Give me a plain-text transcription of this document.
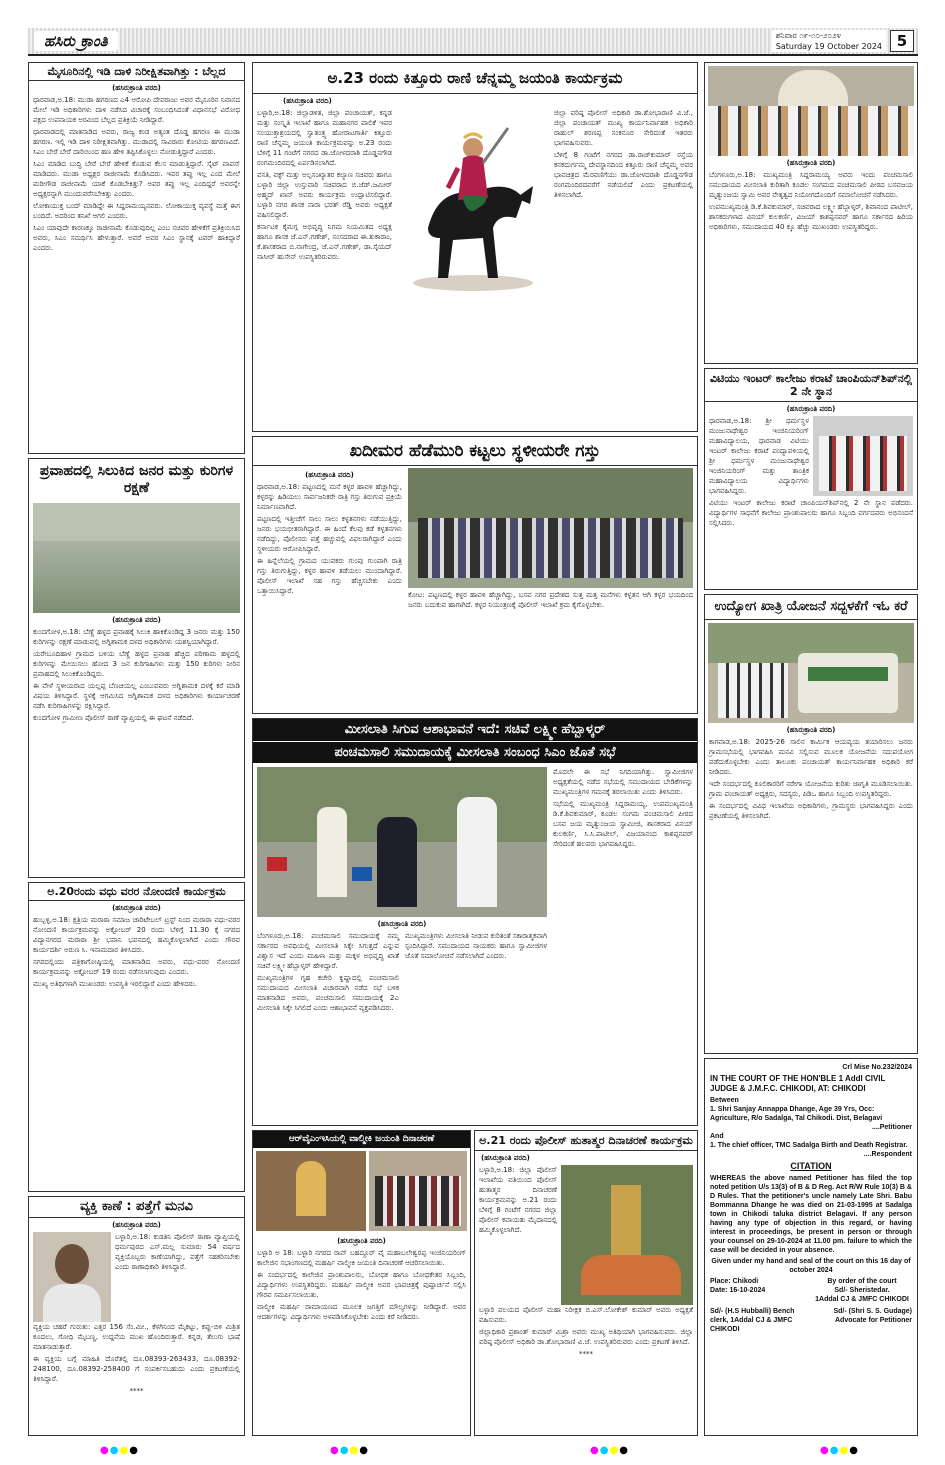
ಹಸಿರು ಕ್ರಾಂತಿ	ಶನಿವಾರ ೧೯-೧೦-೨೦೨೪
Saturday 19 October 2024 5
ಮೈಸೂರಿನಲ್ಲಿ ಇಡಿ ದಾಳಿ ನಿರೀಕ್ಷಿತವಾಗಿತ್ತು : ಬೆಲ್ಲದ
(ಹಸಿರುಕ್ರಾಂತಿ ವರದಿ)

ಧಾರವಾಡ,ಅ.18: ಮುಡಾ ಹಗರಣದ ಎ4 ಆರೋಪಿ ದೇವರಾಜು ಅವರ ಮೈಸೂರಿನ ನಿವಾಸದ ಮೇಲೆ ಇಡಿ ಅಧಿಕಾರಿಗಳು ದಾಳಿ ನಡೆಸಿದ ವಿಚಾರಕ್ಕೆ ಸಂಬಂಧಿಸಿದಂತೆ ವಿಧಾನಸಭೆ ವಿರೋಧ ಪಕ್ಷದ ಉಪನಾಯಕ ಅರವಿಂದ ಬೆಲ್ಲದ ಪ್ರತಿಕ್ರಿಯೆ ನೀಡಿದ್ದಾರೆ.

ಧಾರವಾಡದಲ್ಲಿ ಮಾತನಾಡಿದ ಅವರು, ರಾಜ್ಯ ಕಂಡ ಅತ್ಯಂತ ದೊಡ್ಡ ಹಗರಣ ಈ ಮುಡಾ ಹಗರಣ. ಇಲ್ಲಿ ಇಡಿ ದಾಳಿ ನಿರೀಕ್ಷಿತವಾಗಿತ್ತು. ಮುಡಾದಲ್ಲಿ ಸಾವಿರಾರು ಕೋಟಿಯ ಹಗರಣವಿದೆ. ಸಿಎಂ ಬೇರೆ ಬೇರೆ ದಾರಿಯಿಂದ ಹಣ ಹೇಳಿ ತಪ್ಪಿಸಿಕೊಳ್ಳಲು ನೋಡುತ್ತಿದ್ದಾರೆ ಎಂದರು.

ಸಿಎಂ ಮಾಡಿದ ಬುದ್ಧಿ ಬೇರೆ ಬೇರೆ ಹೇಳಿಕೆ ಕೊಡುವ ಕೆಲಸ ಮಾಡುತ್ತಿದ್ದಾರೆ. ಸೈಟ್ ವಾಪಸ್ ಮಾಡಿದರು. ಮುಡಾ ಅಧ್ಯಕ್ಷರ ರಾಜೀನಾಮೆ ಕೊಡಿಸಿದರು. ಇವರ ತಪ್ಪು ಇಲ್ಲ ಎಂದ ಮೇಲೆ ಮರೀಗೌಡ ರಾಜೀನಾಮೆ ಯಾಕೆ ಕೊಡಬೇಕಿತ್ತು? ಅವರ ತಪ್ಪು ಇಲ್ಲ ಎಂದಿದ್ದರೆ ಅವರನ್ನೇ ಅಧ್ಯಕ್ಷರನ್ನಾಗಿ ಮುಂದುವರೆಸಬೇಕಿತ್ತು ಎಂದರು.

ಲೋಕಾಯುಕ್ತ ಬಂದ್ ಮಾಡಿದ್ದೇ ಈ ಸಿದ್ದರಾಮಯ್ಯನವರು. ಲೋಕಾಯುಕ್ತ ವ್ಯವಸ್ಥೆ ಮತ್ತೆ ಈಗ ಬಂದಿದೆ. ಅದರಿಂದ ತನಿಖೆ ಆಗಲಿ ಎಂದರು.

ಸಿಎಂ ಯಾವುದೇ ಕಾರಣಕ್ಕೂ ರಾಜೀನಾಮೆ ಕೊಡುವುದಿಲ್ಲ ಎಂಬ ಸಚಿವರ ಹೇಳಿಕೆಗೆ ಪ್ರತಿಕ್ರಿಯಿಸಿದ ಅವರು, ಸಿಎಂ ಸಮರ್ಥಿಸಿ ಹೇಳುತ್ತಾರೆ. ಅವರೆ ಅವರ ಸಿಎಂ ಸ್ಥಾನಕ್ಕೆ ಟವರ್ ಹಾಕಿದ್ದಾರೆ ಎಂದರು.

ಪ್ರವಾಹದಲ್ಲಿ ಸಿಲುಕಿದ ಜನರ ಮತ್ತು ಕುರಿಗಳ ರಕ್ಷಣೆ
(ಹಸಿರುಕ್ರಾಂತಿ ವರದಿ)

ಕುಂದಗೋಳ,ಅ.18: ಬೆಣ್ಣೆ ಹಳ್ಳದ ಪ್ರವಾಹಕ್ಕೆ ಸಿಲುಕಿ ಹಾಕಿಕೊಂಡಿದ್ದ 3 ಜನರು ಮತ್ತು 150 ಕುರಿಗಳನ್ನು ರಕ್ಷಣೆ ಮಾಡುವಲ್ಲಿ ಅಗ್ನಿಶಾಮಕ ದಳದ ಅಧಿಕಾರಿಗಳು ಯಶಸ್ವಿಯಾಗಿದ್ದಾರೆ.

ಯರೇಬೂದಿಹಾಳ ಗ್ರಾಮದ ಬಳಿಯ ಬೆಣ್ಣೆ ಹಳ್ಳದ ಪ್ರವಾಹ ಹೆಚ್ಚಿದ ಪರಿಣಾಮ ಹಳ್ಳದಲ್ಲಿ ಕುರಿಗಳನ್ನು ಮೇಯಿಸಲು ಹೋದ 3 ಜನ ಕುರಿಗಾಹಿಗಳು ಮತ್ತು 150 ಕುರಿಗಳು ನೀರಿನ ಪ್ರವಾಹದಲ್ಲಿ ಸಿಲುಕಿಕೊಂಡಿದ್ದರು.

ಈ ವೇಳೆ ಸ್ಥಳೀಯರಾದ ಯಲ್ಲಪ್ಪ ಬೆಣಚಿಯಲ್ಲ ಎಂಬುವವರು ಅಗ್ನಿಶಾಮಕ ದಳಕ್ಕೆ ಕರೆ ಮಾಡಿ ವಿಷಯ ತಿಳಿಸಿದ್ದಾರೆ. ಸ್ಥಳಕ್ಕೆ ಆಗಮಿಸಿದ ಅಗ್ನಿಶಾಮಕ ದಳದ ಅಧಿಕಾರಿಗಳು ಕಾರ್ಯಾಚರಣೆ ನಡೆಸಿ ಕುರಿಗಾಹಿಗಳನ್ನು ರಕ್ಷಿಸಿದ್ದಾರೆ.

ಕುಂದಗೋಳ ಗ್ರಾಮೀಣ ಪೊಲೀಸ್ ಠಾಣೆ ವ್ಯಾಪ್ತಿಯಲ್ಲಿ ಈ ಘಟನೆ ನಡೆದಿದೆ.

ಅ.20ರಂದು ವಧು ವರರ ನೋಂದಣಿ ಕಾರ್ಯಕ್ರಮ
(ಹಸಿರುಕ್ರಾಂತಿ ವರದಿ)

ಹುಬ್ಬಳ್ಳಿ,ಅ.18: ಕ್ಷತ್ರಿಯ ಮರಾಠಾ ಸಮಾಜ ಚಾರಿಟೇಬಲ್ ಟ್ರಸ್ಟ್ ನಿಂದ ಮರಾಠಾ ವಧು-ವರರ ನೋಂದಣಿ ಕಾರ್ಯಕ್ರಮವನ್ನು ಅಕ್ಟೋಬರ್ 20 ರಂದು ಬೆಳಿಗ್ಗೆ 11.30 ಕ್ಕೆ ನಗರದ ವಿದ್ಯಾನಗರದ ಮರಾಠಾ ಶ್ರೀ ಭವಾನಿ ಭವನದಲ್ಲಿ ಹಮ್ಮಿಕೊಳ್ಳಲಾಗಿದೆ ಎಂದು ಗೌರವ ಕಾರ್ಯದರ್ಶಿ ಅರುಣ ಸಿ. ಇನಾಮದಾರ ತಿಳಿಸಿದರು.

ನಗರದಲ್ಲಿಂದು ಪತ್ರಿಕಾಗೋಷ್ಠಿಯಲ್ಲಿ ಮಾತನಾಡಿದ ಅವರು, ವಧು-ವರರ ನೋಂದಣಿ ಕಾರ್ಯಕ್ರಮವನ್ನು ಅಕ್ಟೋಬರ್ 19 ರಂದು ನಡೆಸಲಾಗುವುದು ಎಂದರು.

ಮುಖ್ಯ ಅತಿಥಿಗಳಾಗಿ ಮುಖಂಡರು ಉಪಸ್ಥಿತಿ ಇರಲಿದ್ದಾರೆ ಎಂದು ಹೇಳಿದರು.

ವ್ಯಕ್ತಿ ಕಾಣೆ : ಪತ್ತೆಗೆ ಮನವಿ
(ಹಸಿರುಕ್ರಾಂತಿ ವರದಿ)

ಬಳ್ಳಾರಿ,ಅ.18: ಕುಡತಿನಿ ಪೊಲೀಸ್ ಠಾಣಾ ವ್ಯಾಪ್ತಿಯಲ್ಲಿ ಧರ್ಮಪುರದ ಎಸ್.ಮಲ್ಲ ಸುಮಾರು 54 ವರ್ಷದ ವ್ಯಕ್ತಿಯೊಬ್ಬರು ಕಾಣೆಯಾಗಿದ್ದು, ಪತ್ತೆಗೆ ಸಹಕರಿಸಬೇಕು ಎಂದು ಠಾಣಾಧಿಕಾರಿ ತಿಳಿಸಿದ್ದಾರೆ.

ವ್ಯಕ್ತಿಯ ಚಹರೆ ಗುರುತು: ಎತ್ತರ 156 ಸೆಂ.ಮೀ., ಕೆಳಗಿನಿಂದ ಮೈಕಟ್ಟು, ಕಪ್ಪು-ಬಿಳಿ ಮಿಶ್ರಿತ ಕೂದಲು, ಗೋಧಿ ಮೈಬಣ್ಣ, ಉದ್ದನೆಯ ಮುಖ ಹೊಂದಿರುತ್ತಾರೆ. ಕನ್ನಡ, ತೆಲುಗು ಭಾಷೆ ಮಾತನಾಡುತ್ತಾರೆ.

ಈ ವ್ಯಕ್ತಿಯ ಬಗ್ಗೆ ಮಾಹಿತಿ ದೊರೆತಲ್ಲಿ ದೂ.08393-263433, ದೂ.08392-248100, ದೂ.08392-258400 ಗೆ ಸಂಪರ್ಕಿಸಬಹುದು ಎಂದು ಪ್ರಕಟಣೆಯಲ್ಲಿ ತಿಳಿಸಿದ್ದಾರೆ.

****

ಅ.23 ರಂದು ಕಿತ್ತೂರು ರಾಣಿ ಚೆನ್ನಮ್ಮ ಜಯಂತಿ ಕಾರ್ಯಕ್ರಮ
(ಹಸಿರುಕ್ರಾಂತಿ ವರದಿ)

ಬಳ್ಳಾರಿ,ಅ.18: ಜಿಲ್ಲಾಡಳಿತ, ಜಿಲ್ಲಾ ಪಂಚಾಯತ್, ಕನ್ನಡ ಮತ್ತು ಸಂಸ್ಕೃತಿ ಇಲಾಖೆ ಹಾಗೂ ಮಹಾನಗರ ಪಾಲಿಕೆ ಇವರ ಸಂಯುಕ್ತಾಶ್ರಯದಲ್ಲಿ ಸ್ವಾತಂತ್ರ್ಯ ಹೋರಾಟಗಾರ್ತಿ ಕಿತ್ತೂರು ರಾಣಿ ಚೆನ್ನಮ್ಮ ಜಯಂತಿ ಕಾರ್ಯಕ್ರಮವನ್ನು ಅ.23 ರಂದು ಬೆಳಿಗ್ಗೆ 11 ಗಂಟೆಗೆ ನಗರದ ಡಾ.ಜೋಳದರಾಶಿ ದೊಡ್ಡನಗೌಡ ರಂಗಮಂದಿರದಲ್ಲಿ ಏರ್ಪಡಿಸಲಾಗಿದೆ.

ವಸತಿ, ವಕ್ಫ್ ಮತ್ತು ಅಲ್ಪಸಂಖ್ಯಾತರ ಕಲ್ಯಾಣ ಸಚಿವರು ಹಾಗೂ ಬಳ್ಳಾರಿ ಜಿಲ್ಲಾ ಉಸ್ತುವಾರಿ ಸಚಿವರಾದ ಬಿ.ಜೆಡ್.ಜಮೀರ್ ಅಹ್ಮದ್ ಖಾನ್ ಅವರು ಕಾರ್ಯಕ್ರಮ ಉದ್ಘಾಟಿಸಲಿದ್ದಾರೆ. ಬಳ್ಳಾರಿ ನಗರ ಶಾಸಕ ನಾರಾ ಭರತ್ ರೆಡ್ಡಿ ಅವರು ಅಧ್ಯಕ್ಷತೆ ವಹಿಸಲಿದ್ದಾರೆ.

ಕರ್ನಾಟಕ ಕೈಮಗ್ಗ ಅಭಿವೃದ್ಧಿ ನಿಗಮ ನಿಯಮಿತದ ಅಧ್ಯಕ್ಷ ಹಾಗೂ ಶಾಸಕ ಜೆ.ಎನ್.ಗಣೇಶ್, ಸಂಸದರಾದ ಈ.ತುಕಾರಾಂ, ಕೆ.ಶಾಸಕರಾದ ಬಿ.ನಾಗೇಂದ್ರ, ಜೆ.ಎನ್.ಗಣೇಶ್, ಡಾ.ಸೈಯದ್ ನಾಸೀರ್ ಹುಸೇನ್ ಉಪಸ್ಥಿತರಿರುವರು.

ಜಿಲ್ಲಾ ವರಿಷ್ಠ ಪೊಲೀಸ್ ಅಧಿಕಾರಿ ಡಾ.ಶೋಭಾರಾಣಿ ವಿ.ಜೆ., ಜಿಲ್ಲಾ ಪಂಚಾಯತ್ ಮುಖ್ಯ ಕಾರ್ಯನಿರ್ವಾಹಕ ಅಧಿಕಾರಿ ರಾಹುಲ್ ಶರಣಪ್ಪ ಸಂಕನೂರ ಸೇರಿದಂತೆ ಇತರರು ಭಾಗವಹಿಸುವರು.

ಬೆಳಿಗ್ಗೆ 8 ಗಂಟೆಗೆ ನಗರದ ಡಾ.ರಾಜ್‍ಕುಮಾರ್ ರಸ್ತೆಯ ಕನಕದುರ್ಗಮ್ಮ ದೇವಸ್ಥಾನದಿಂದ ಕಿತ್ತೂರು ರಾಣಿ ಚೆನ್ನಮ್ಮ ಅವರ ಭಾವಚಿತ್ರದ ಮೆರವಣಿಗೆಯು ಡಾ.ಜೋಳದರಾಶಿ ದೊಡ್ಡನಗೌಡ ರಂಗಮಂದಿರದವರೆಗೆ ನಡೆಯಲಿದೆ ಎಂದು ಪ್ರಕಟಣೆಯಲ್ಲಿ ತಿಳಿಸಲಾಗಿದೆ.

ಖದೀಮರ ಹೆಡೆಮುರಿ ಕಟ್ಟಲು ಸ್ಥಳೀಯರೇ ಗಸ್ತು
(ಹಸಿರುಕ್ರಾಂತಿ ವರದಿ)

ಧಾರವಾಡ,ಅ.18: ಪಟ್ಟಣದಲ್ಲಿ ಮನೆ ಕಳ್ಳರ ಹಾವಳಿ ಹೆಚ್ಚಾಗಿದ್ದು, ಕಳ್ಳರನ್ನು ಹಿಡಿಯಲು ಸಾರ್ವಜನಿಕರೇ ರಾತ್ರಿ ಗಸ್ತು ತಿರುಗುವ ಪ್ರಕ್ರಿಯೆ ನಿರ್ಮಾಣವಾಗಿದೆ.

ಪಟ್ಟಣದಲ್ಲಿ ಇತ್ತೀಚೆಗೆ ಸಾಲು ಸಾಲು ಕಳ್ಳತನಗಳು ನಡೆಯುತ್ತಿದ್ದು, ಜನರು ಭಯಭೀತರಾಗಿದ್ದಾರೆ. ಈ ಹಿಂದೆ ಕೆಲವು ಕಡೆ ಕಳ್ಳತನಗಳು ನಡೆದಿದ್ದು, ಪೊಲೀಸರು ಪತ್ತೆ ಹಚ್ಚುವಲ್ಲಿ ವಿಫಲರಾಗಿದ್ದಾರೆ ಎಂದು ಸ್ಥಳೀಯರು ಆರೋಪಿಸಿದ್ದಾರೆ.

ಈ ಹಿನ್ನೆಲೆಯಲ್ಲಿ ಗ್ರಾಮದ ಯುವಕರು ಗುಂಪು ಗುಂಪಾಗಿ ರಾತ್ರಿ ಗಸ್ತು ತಿರುಗುತ್ತಿದ್ದು, ಕಳ್ಳರ ಹಾವಳಿ ತಡೆಯಲು ಮುಂದಾಗಿದ್ದಾರೆ. ಪೊಲೀಸ್ ಇಲಾಖೆ ಸಹ ಗಸ್ತು ಹೆಚ್ಚಿಸಬೇಕು ಎಂದು ಒತ್ತಾಯಿಸಿದ್ದಾರೆ.	ಕೋಟ: ಪಟ್ಟಣದಲ್ಲಿ ಕಳ್ಳರ ಹಾವಳಿ ಹೆಚ್ಚಾಗಿದ್ದು, ಬಸವ ನಗರ ಪ್ರದೇಶದ ಸುತ್ತ ಮತ್ತ ಮನೆಗಳು ಕಳ್ಳತನ ಆಗಿ ಕಳ್ಳರ ಭಯದಿಂದ ಜನರು ಬದುಕುವ ಹಾಗಾಗಿದೆ. ಕಳ್ಳರ ನಿಯಂತ್ರಣಕ್ಕೆ ಪೊಲೀಸ್ ಇಲಾಖೆ ಕ್ರಮ ಕೈಗೊಳ್ಳಬೇಕು.

ಮೀಸಲಾತಿ ಸಿಗುವ ಆಶಾಭಾವನೆ ಇದೆ: ಸಚಿವೆ ಲಕ್ಷ್ಮೀ ಹೆಬ್ಬಾಳ್ಕರ್
ಪಂಚಮಸಾಲಿ ಸಮುದಾಯಕ್ಕೆ ಮೀಸಲಾತಿ ಸಂಬಂಧ ಸಿಎಂ ಜೊತೆ ಸಭೆ
(ಹಸಿರುಕ್ರಾಂತಿ ವರದಿ)

ಬೆಂಗಳೂರು,ಅ.18: ಪಂಚಮಸಾಲಿ ಸಮುದಾಯಕ್ಕೆ ನಮ್ಮ ಸರ್ಕಾರದ ಅವಧಿಯಲ್ಲಿ ಮೀಸಲಾತಿ ಸಿಕ್ಕೇ ಸಿಗುತ್ತದೆ ಎನ್ನುವ ವಿಶ್ವಾಸ ಇದೆ ಎಂದು ಮಹಿಳಾ ಮತ್ತು ಮಕ್ಕಳ ಅಭಿವೃದ್ಧಿ ಖಾತೆ ಸಚಿವೆ ಲಕ್ಷ್ಮೀ ಹೆಬ್ಬಾಳ್ಕರ್ ಹೇಳಿದ್ದಾರೆ.

ಮುಖ್ಯಮಂತ್ರಿಗಳ ಗೃಹ ಕಚೇರಿ ಕೃಷ್ಣಾದಲ್ಲಿ ಪಂಚಮಸಾಲಿ ಸಮುದಾಯದ ಮೀಸಲಾತಿ ವಿಚಾರವಾಗಿ ನಡೆದ ಸಭೆ ಬಳಿಕ ಮಾತನಾಡಿದ ಅವರು, ಪಂಚಮಸಾಲಿ ಸಮುದಾಯಕ್ಕೆ 2ಎ ಮೀಸಲಾತಿ ಸಿಕ್ಕೇ ಸಿಗಲಿದೆ ಎಂದು ಆಶಾಭಾವನೆ ವ್ಯಕ್ತಪಡಿಸಿದರು.

ಮುಖ್ಯಮಂತ್ರಿಗಳು ಮೀಸಲಾತಿ ನೀಡುವ ಕುರಿತಂತೆ ಸಕಾರಾತ್ಮಕವಾಗಿ ಸ್ಪಂದಿಸಿದ್ದಾರೆ. ಸಮುದಾಯದ ನಾಯಕರು ಹಾಗೂ ಸ್ವಾಮೀಜಿಗಳ ಜೊತೆ ಸಮಾಲೋಚನೆ ನಡೆಸಲಾಗಿದೆ ಎಂದರು.

ಮೊದಲೇ ಈ ಸಭೆ ನಿಗದಿಯಾಗಿತ್ತು. ಸ್ವಾಮೀಜಿಗಳ ಅಧ್ಯಕ್ಷತೆಯಲ್ಲಿ ನಡೆದ ಸಭೆಯಲ್ಲಿ ಸಮುದಾಯದ ಬೇಡಿಕೆಗಳನ್ನು ಮುಖ್ಯಮಂತ್ರಿಗಳ ಗಮನಕ್ಕೆ ತರಲಾಯಿತು ಎಂದು ತಿಳಿಸಿದರು.

ಸಭೆಯಲ್ಲಿ ಮುಖ್ಯಮಂತ್ರಿ ಸಿದ್ದರಾಮಯ್ಯ, ಉಪಮುಖ್ಯಮಂತ್ರಿ ಡಿ.ಕೆ.ಶಿವಕುಮಾರ್, ಕೂಡಲ ಸಂಗಮ ಪಂಚಮಸಾಲಿ ಪೀಠದ ಬಸವ ಜಯ ಮೃತ್ಯುಂಜಯ ಸ್ವಾಮೀಜಿ, ಶಾಸಕರಾದ ವಿನಯ್ ಕುಲಕರ್ಣಿ, ಸಿ.ಸಿ.ಪಾಟೀಲ್, ವಿಜಯಾನಂದ ಕಾಶಪ್ಪನವರ್ ಸೇರಿದಂತೆ ಹಲವರು ಭಾಗವಹಿಸಿದ್ದರು.

ಆರ್‌ವೈಎಂಇಸಿಯಲ್ಲಿ ವಾಲ್ಮೀಕಿ ಜಯಂತಿ ದಿನಾಚರಣೆ
(ಹಸಿರುಕ್ರಾಂತಿ ವರದಿ)

ಬಳ್ಳಾರಿ ಅ 18: ಬಳ್ಳಾರಿ ನಗರದ ರಾವ್ ಬಹದ್ದೂರ್ ವೈ ಮಹಾಬಲೇಶ್ವರಪ್ಪ ಇಂಜಿನಿಯರಿಂಗ್ ಕಾಲೇಜಿನ ಸಭಾಂಗಣದಲ್ಲಿ ಮಹರ್ಷಿ ವಾಲ್ಮೀಕಿ ಜಯಂತಿ ದಿನಾಚರಣೆ ಆಚರಿಸಲಾಯಿತು.

ಈ ಸಂದರ್ಭದಲ್ಲಿ ಕಾಲೇಜಿನ ಪ್ರಾಂಶುಪಾಲರು, ಬೋಧಕ ಹಾಗೂ ಬೋಧಕೇತರ ಸಿಬ್ಬಂದಿ, ವಿದ್ಯಾರ್ಥಿಗಳು ಉಪಸ್ಥಿತರಿದ್ದರು. ಮಹರ್ಷಿ ವಾಲ್ಮೀಕಿ ಅವರ ಭಾವಚಿತ್ರಕ್ಕೆ ಪುಷ್ಪಾರ್ಚನೆ ಸಲ್ಲಿಸಿ ಗೌರವ ಸಮರ್ಪಿಸಲಾಯಿತು.

ವಾಲ್ಮೀಕಿ ಮಹರ್ಷಿ ರಾಮಾಯಣದ ಮೂಲಕ ಜಗತ್ತಿಗೆ ಮೌಲ್ಯಗಳನ್ನು ನೀಡಿದ್ದಾರೆ. ಅವರ ಆದರ್ಶಗಳನ್ನು ವಿದ್ಯಾರ್ಥಿಗಳು ಅಳವಡಿಸಿಕೊಳ್ಳಬೇಕು ಎಂದು ಕರೆ ನೀಡಿದರು.

ಅ.21 ರಂದು ಪೊಲೀಸ್ ಹುತಾತ್ಮರ ದಿನಾಚರಣೆ ಕಾರ್ಯಕ್ರಮ
(ಹಸಿರುಕ್ರಾಂತಿ ವರದಿ)

ಬಳ್ಳಾರಿ,ಅ.18: ಜಿಲ್ಲಾ ಪೊಲೀಸ್ ಇಲಾಖೆಯ ವತಿಯಿಂದ ಪೊಲೀಸ್ ಹುತಾತ್ಮರ ದಿನಾಚರಣೆ ಕಾರ್ಯಕ್ರಮವನ್ನು ಅ.21 ರಂದು ಬೆಳಿಗ್ಗೆ 8 ಗಂಟೆಗೆ ನಗರದ ಜಿಲ್ಲಾ ಪೊಲೀಸ್ ಕವಾಯತು ಮೈದಾನದಲ್ಲಿ ಹಮ್ಮಿಕೊಳ್ಳಲಾಗಿದೆ.

ಬಳ್ಳಾರಿ ವಲಯದ ಪೊಲೀಸ್ ಮಹಾ ನಿರೀಕ್ಷಕ ಬಿ.ಎಸ್.ಲೋಕೇಶ್ ಕುಮಾರ್ ಅವರು ಅಧ್ಯಕ್ಷತೆ ವಹಿಸುವರು.

ಜಿಲ್ಲಾಧಿಕಾರಿ ಪ್ರಶಾಂತ್ ಕುಮಾರ್ ಮಿಶ್ರಾ ಅವರು ಮುಖ್ಯ ಅತಿಥಿಯಾಗಿ ಭಾಗವಹಿಸುವರು. ಜಿಲ್ಲಾ ವರಿಷ್ಠ ಪೊಲೀಸ್ ಅಧಿಕಾರಿ ಡಾ.ಶೋಭಾರಾಣಿ ವಿ.ಜೆ. ಉಪಸ್ಥಿತರಿರುವರು ಎಂದು ಪ್ರಕಟಣೆ ತಿಳಿಸಿದೆ.

****

(ಹಸಿರುಕ್ರಾಂತಿ ವರದಿ)

ಬೆಂಗಳೂರು,ಅ.18: ಮುಖ್ಯಮಂತ್ರಿ ಸಿದ್ದರಾಮಯ್ಯ ಅವರು ಇಂದು ಪಂಚಮಸಾಲಿ ಸಮುದಾಯದ ಮೀಸಲಾತಿ ಕುರಿತಾಗಿ ಕೂಡಲ ಸಂಗಮದ ಪಂಚಮಸಾಲಿ ಪೀಠದ ಬಸವಜಯ ಮೃತ್ಯುಂಜಯ ಸ್ವಾಮಿ ಅವರ ನೇತೃತ್ವದ ನಿಯೋಗದೊಂದಿಗೆ ಸಮಾಲೋಚನೆ ನಡೆಸಿದರು.

ಉಪಮುಖ್ಯಮಂತ್ರಿ ಡಿ.ಕೆ.ಶಿವಕುಮಾರ್, ಸಚಿವರಾದ ಲಕ್ಷ್ಮೀ ಹೆಬ್ಬಾಳ್ಕರ್, ಶಿವಾನಂದ ಪಾಟೀಲ್, ಶಾಸಕರುಗಳಾದ ವಿನಯ್ ಕುಲಕರ್ಣಿ, ವಿಜಯ್ ಕಾಶಪ್ಪನವರ್ ಹಾಗೂ ಸರ್ಕಾರದ ಹಿರಿಯ ಅಧಿಕಾರಿಗಳು, ಸಮುದಾಯದ 40 ಕ್ಕೂ ಹೆಚ್ಚು ಮುಖಂಡರು ಉಪಸ್ಥಿತರಿದ್ದರು.

ವಿಟಿಯು ಇಂಟರ್ ಕಾಲೇಜು ಕರಾಟೆ ಚಾಂಪಿಯನ್‌ಶಿಪ್‌ನಲ್ಲಿ 2 ನೇ ಸ್ಥಾನ
(ಹಸಿರುಕ್ರಾಂತಿ ವರದಿ)

ಧಾರವಾಡ,ಅ.18: ಶ್ರೀ ಧರ್ಮಸ್ಥಳ ಮಂಜುನಾಥೇಶ್ವರ ಇಂಜಿನಿಯರಿಂಗ್ ಮಹಾವಿದ್ಯಾಲಯ, ಧಾರವಾಡ ವಿಟಿಯು ಇಂಟರ್ ಕಾಲೇಜು ಕರಾಟೆ ಪಂದ್ಯಾವಳಿಯಲ್ಲಿ ಶ್ರೀ ಧರ್ಮಸ್ಥಳ ಮಂಜುನಾಥೇಶ್ವರ ಇಂಜಿನಿಯರಿಂಗ್ ಮತ್ತು ತಾಂತ್ರಿಕ ಮಹಾವಿದ್ಯಾಲಯ ವಿದ್ಯಾರ್ಥಿಗಳು ಭಾಗವಹಿಸಿದ್ದರು.

ವಿಟಿಯು ಇಂಟರ್ ಕಾಲೇಜು ಕರಾಟೆ ಚಾಂಪಿಯನ್‌ಶಿಪ್‌ನಲ್ಲಿ 2 ನೇ ಸ್ಥಾನ ಪಡೆದರು. ವಿದ್ಯಾರ್ಥಿಗಳ ಸಾಧನೆಗೆ ಕಾಲೇಜು ಪ್ರಾಂಶುಪಾಲರು ಹಾಗೂ ಸಿಬ್ಬಂದಿ ವರ್ಗದವರು ಅಭಿನಂದನೆ ಸಲ್ಲಿಸಿದರು.

ಉದ್ಯೋಗ ಖಾತ್ರಿ ಯೋಜನೆ ಸದ್ಬಳಕೆಗೆ ಇಓ ಕರೆ
(ಹಸಿರುಕ್ರಾಂತಿ ವರದಿ)

ಕಾಗವಾಡ,ಅ.18: 2025-26 ಸಾಲಿನ ಕಾರ್ಮಿಕ ಆಯವ್ಯಯ ತಯಾರಿಸಲು ಜನರು ಗ್ರಾಮಸಭೆಯಲ್ಲಿ ಭಾಗವಹಿಸಿ ಮನವಿ ಸಲ್ಲಿಸುವ ಮೂಲಕ ಯೋಜನೆಯ ಸದುಪಯೋಗ ಪಡೆದುಕೊಳ್ಳಬೇಕು ಎಂದು ತಾಲೂಕು ಪಂಚಾಯತ್ ಕಾರ್ಯನಿರ್ವಾಹಕ ಅಧಿಕಾರಿ ಕರೆ ನೀಡಿದರು.

ಇದೇ ಸಂದರ್ಭದಲ್ಲಿ ಕೂಲಿಕಾರರಿಗೆ ನರೇಗಾ ಯೋಜನೆಯ ಕುರಿತು ಜಾಗೃತಿ ಮೂಡಿಸಲಾಯಿತು. ಗ್ರಾಮ ಪಂಚಾಯತ್ ಅಧ್ಯಕ್ಷರು, ಸದಸ್ಯರು, ಪಿಡಿಒ ಹಾಗೂ ಸಿಬ್ಬಂದಿ ಉಪಸ್ಥಿತರಿದ್ದರು.

ಈ ಸಂದರ್ಭದಲ್ಲಿ ವಿವಿಧ ಇಲಾಖೆಯ ಅಧಿಕಾರಿಗಳು, ಗ್ರಾಮಸ್ಥರು ಭಾಗವಹಿಸಿದ್ದರು ಎಂದು ಪ್ರಕಟಣೆಯಲ್ಲಿ ತಿಳಿಸಲಾಗಿದೆ.

Crl Mise No.232/2024
IN THE COURT OF THE HON'BLE 1 Addl CIVIL JUDGE & J.M.F.C. CHIKODI, AT: CHIKODI
Between
1. Shri Sanjay Annappa Dhange, Age 39 Yrs, Occ: Agriculture, R/o Sadalga, Tal Chikodi. Dist, Belagavi
....Petitioner
And
1. The chief officer, TMC Sadalga Birth and Death Registrar.
....Respondent
CITATION
WHEREAS the above named Petitioner has filed the top noted petition U/s 13(3) of B & D Reg. Act R/W Rule 10(3) B & D Rules. That the petitioner's uncle namely Late Shri. Babu Bommanna Dhange he was died on 21-03-1995 at Sadalga town in Chikodi taluka district Belagavi. If any person having any type of objection in this regard, or having interest in proceedings, be present in person or through your counsel on 29-10-2024 at 11.00 pm. failure to which the case will be decided in your absence.
Given under my hand and seal of the court on this 16 day of october 2024
Place: Chikodi
Date: 16-10-2024
By order of the court
Sd/- Sheristedar.
1Addal CJ & JMFC CHIKODI
Sd/- (H.S Hubballi) Bench clerk, 1Addal CJ & JMFC CHIKODI
Sd/- (Shri S. S. Gudage) Advocate for Petitioner
●●●●	●●●●	●●●●	●●●●
